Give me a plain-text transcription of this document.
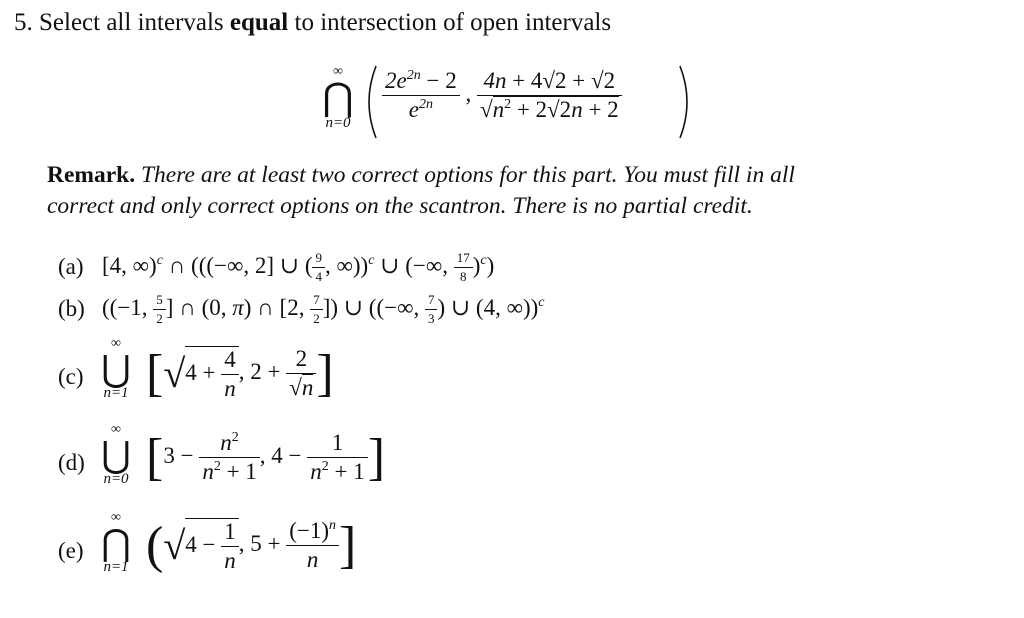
5. Select all intervals equal to intersection of open intervals
∞
⋂
n=0	$\frac{2e^{2n} - 2}{e^{2n}}$ , $\frac{4n + 4√2 + √2}{√n^2 + 2√2n + 2}$
Remark. There are at least two correct options for this part. You must fill in all
correct and only correct options on the scantron. There is no partial credit.
(a) [4, ∞)$^c$ ∩ (((−∞, 2] ∪ ( $\frac{9}{4}$ , ∞))$^c$ ∪ (−∞, $\frac{17}{8} )^c$)
(b) ((−1, $\frac{5}{2}$ ] ∩ (0, π) ∩ [2, $\frac{7}{2}$ ]) ∪ ((−∞, $\frac{7}{3}$ ) ∪ (4, ∞))$^c$
(c)
∞
⋃
n=1 [$√4 + \frac{4}{n}$ , $2 + \frac{2}{√n}$ ]
(d)
∞
⋃
n=0 [$3 - \frac{n^2}{n^2 + 1}$ , $4 - \frac{1}{n^2 + 1}$ ]
(e)
∞
⋂
n=1 ($√4 - \frac{1}{n}$ , $5 + \frac{(-1)^n}{n}$ ]
